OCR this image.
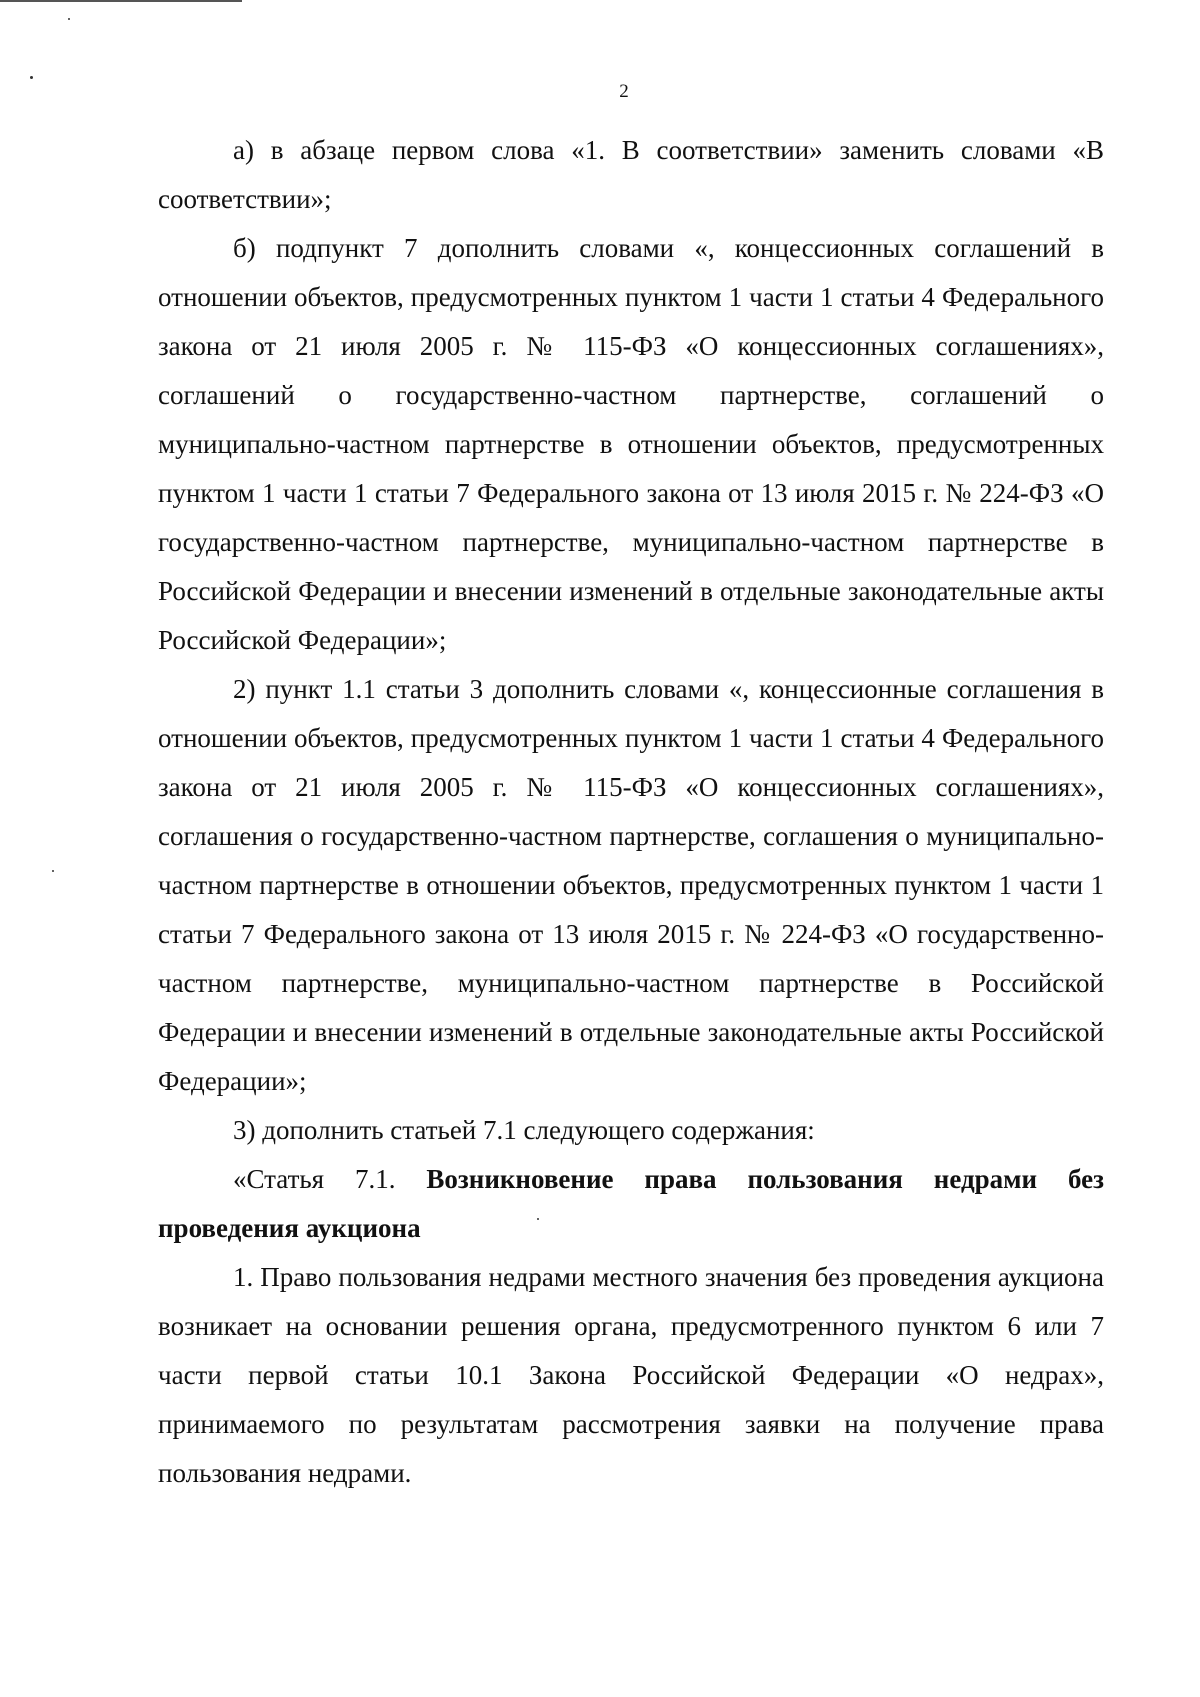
2

а) в абзаце первом слова «1. В соответствии» заменить словами «В соответствии»;

б) подпункт 7 дополнить словами «, концессионных соглашений в отношении объектов, предусмотренных пунктом 1 части 1 статьи 4 Федерального закона от 21 июля 2005 г. № 115-ФЗ «О концессионных соглашениях», соглашений о государственно-частном партнерстве, соглашений о муниципально-частном партнерстве в отношении объектов, предусмотренных пунктом 1 части 1 статьи 7 Федерального закона от 13 июля 2015 г. № 224-ФЗ «О государственно-частном партнерстве, муниципально-частном партнерстве в Российской Федерации и внесении изменений в отдельные законодательные акты Российской Федерации»;

2) пункт 1.1 статьи 3 дополнить словами «, концессионные соглашения в отношении объектов, предусмотренных пунктом 1 части 1 статьи 4 Федерального закона от 21 июля 2005 г. № 115-ФЗ «О концессионных соглашениях», соглашения о государственно-частном партнерстве, соглашения о муниципально-частном партнерстве в отношении объектов, предусмотренных пунктом 1 части 1 статьи 7 Федерального закона от 13 июля 2015 г. № 224-ФЗ «О государственно-частном партнерстве, муниципально-частном партнерстве в Российской Федерации и внесении изменений в отдельные законодательные акты Российской Федерации»;

3) дополнить статьей 7.1 следующего содержания:

«Статья 7.1. Возникновение права пользования недрами без проведения аукциона

1. Право пользования недрами местного значения без проведения аукциона возникает на основании решения органа, предусмотренного пунктом 6 или 7 части первой статьи 10.1 Закона Российской Федерации «О недрах», принимаемого по результатам рассмотрения заявки на получение права пользования недрами.
